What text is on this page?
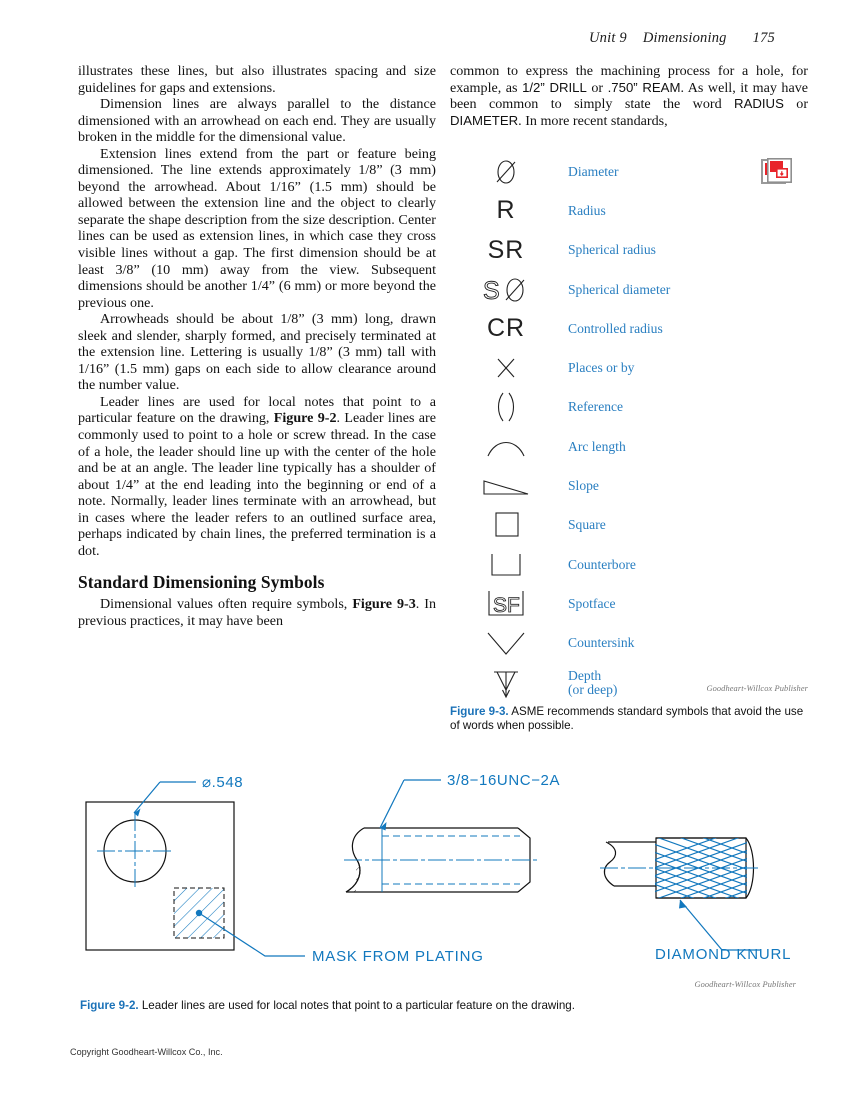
Unit 9 Dimensioning 175

illustrates these lines, but also illustrates spacing and size guidelines for gaps and extensions.

Dimension lines are always parallel to the distance dimensioned with an arrowhead on each end. They are usually broken in the middle for the dimensional value.

Extension lines extend from the part or feature being dimensioned. The line extends approximately 1/8” (3 mm) beyond the arrowhead. About 1/16” (1.5 mm) should be allowed between the extension line and the object to clearly separate the shape description from the size description. Center lines can be used as extension lines, in which case they cross visible lines without a gap. The first dimension should be at least 3/8” (10 mm) away from the view. Subsequent dimensions should be another 1/4” (6 mm) or more beyond the previous one.

Arrowheads should be about 1/8” (3 mm) long, drawn sleek and slender, sharply formed, and precisely terminated at the extension line. Lettering is usually 1/8” (3 mm) tall with 1/16” (1.5 mm) gaps on each side to allow clearance around the number value.

Leader lines are used for local notes that point to a particular feature on the drawing, Figure 9-2. Leader lines are commonly used to point to a hole or screw thread. In the case of a hole, the leader should line up with the center of the hole and be at an angle. The leader line typically has a shoulder of about 1/4” at the end leading into the beginning or end of a note. Normally, leader lines terminate with an arrowhead, but in cases where the leader refers to an outlined surface area, perhaps indicated by chain lines, the preferred termination is a dot.

Standard Dimensioning Symbols

Dimensional values often require symbols, Figure 9-3. In previous practices, it may have been

common to express the machining process for a hole, for example, as 1/2” DRILL or .750” REAM. As well, it may have been common to simply state the word RADIUS or DIAMETER. In more recent standards,

Diameter
R	Radius
SR	Spherical radius
S	Spherical diameter
CR	Controlled radius
Places or by
Reference
Arc length
Slope
Square
Counterbore
SF	Spotface
Countersink
Depth
(or deep)	Goodheart-Willcox Publisher
Figure 9-3. ASME recommends standard symbols that avoid the use of words when possible.
⌀.548
MASK FROM PLATING
3/8−16UNC−2A
DIAMOND KNURL
Goodheart-Willcox Publisher
Figure 9-2. Leader lines are used for local notes that point to a particular feature on the drawing.
Copyright Goodheart-Willcox Co., Inc.
